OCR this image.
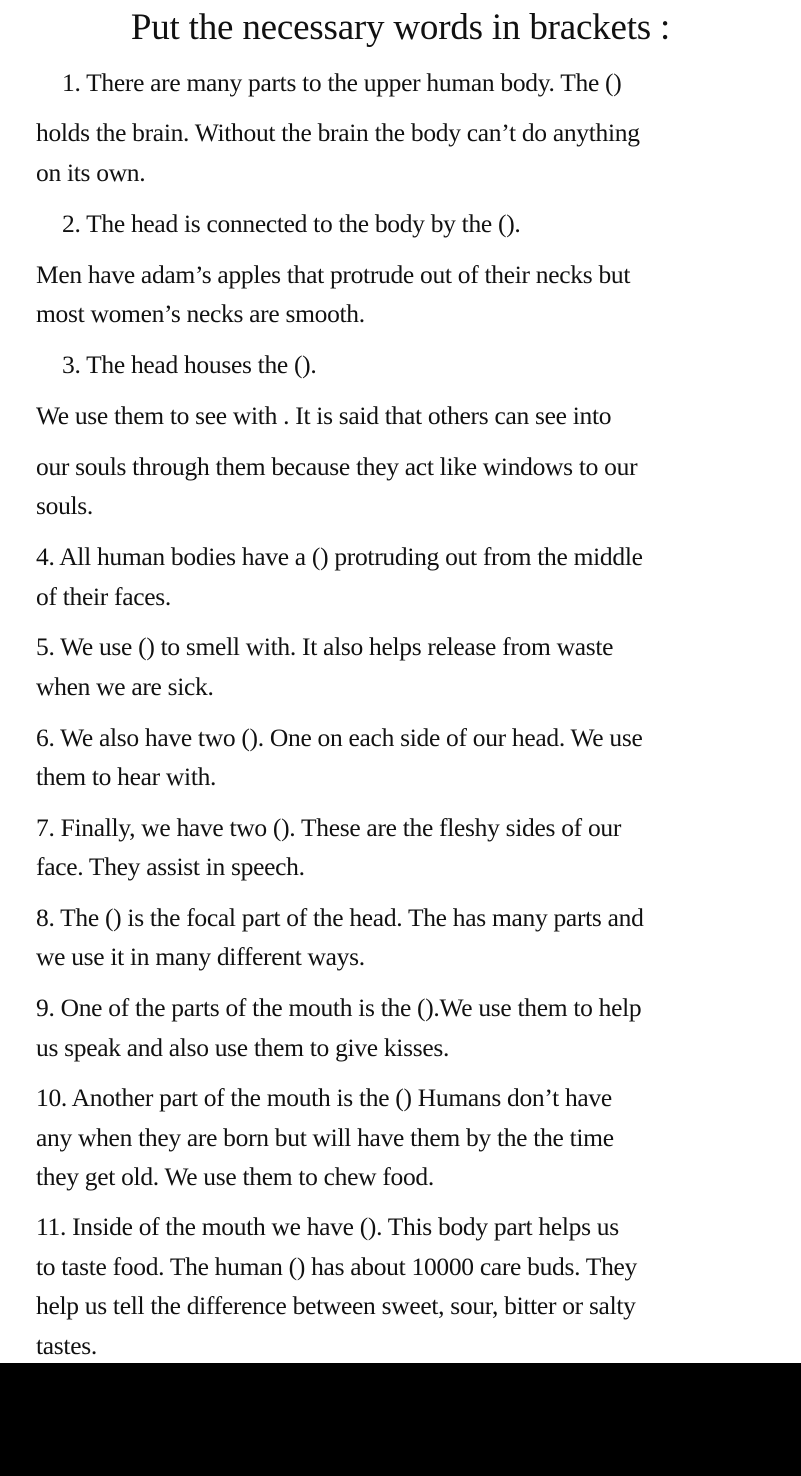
Put the necessary words in brackets :
1. There are many parts to the upper human body. The ()
holds the brain. Without the brain the body can’t do anything
on its own.
2. The head is connected to the body by the ().
Men have adam’s apples that protrude out of their necks but
most women’s necks are smooth.
3. The head houses the ().
We use them to see with . It is said that others can see into
our souls through them because they act like windows to our
souls.
4. All human bodies have a () protruding out from the middle
of their faces.
5. We use () to smell with. It also helps release from waste
when we are sick.
6. We also have two (). One on each side of our head. We use
them to hear with.
7. Finally, we have two (). These are the fleshy sides of our
face. They assist in speech.
8. The () is the focal part of the head. The has many parts and
we use it in many different ways.
9. One of the parts of the mouth is the ().We use them to help
us speak and also use them to give kisses.
10. Another part of the mouth is the () Humans don’t have
any when they are born but will have them by the the time
they get old. We use them to chew food.
11. Inside of the mouth we have (). This body part helps us
to taste food. The human () has about 10000 care buds. They
help us tell the difference between sweet, sour, bitter or salty
tastes.
